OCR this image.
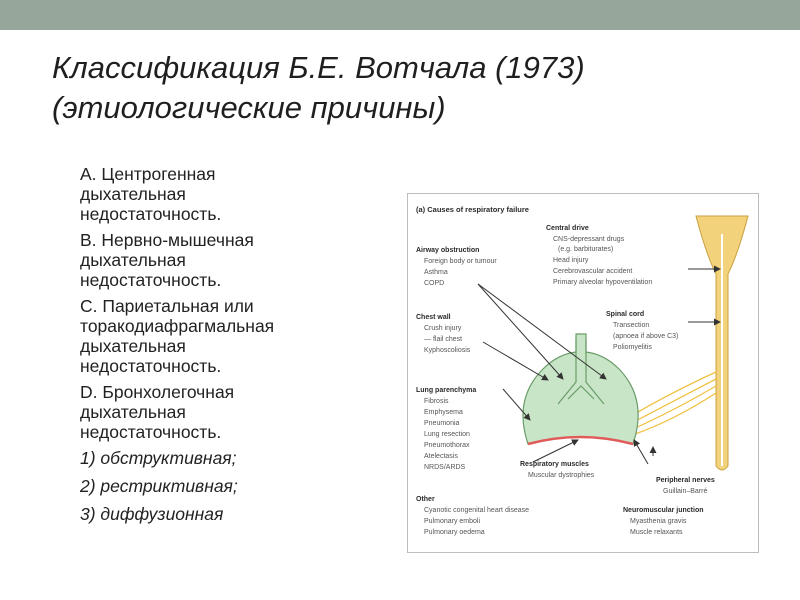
Классификация Б.Е. Вотчала (1973)
(этиологические причины)
A. Центрогенная
дыхательная
недостаточность.
B. Нервно-мышечная
дыхательная
недостаточность.
C. Париетальная или
торакодиафрагмальная
дыхательная
недостаточность.
D. Бронхолегочная
дыхательная
недостаточность.
1) обструктивная;
2) рестриктивная;
3) диффузионная
(a) Causes of respiratory failure
Central drive
CNS-depressant drugs
(e.g. barbiturates)
Head injury
Cerebrovascular accident
Primary alveolar hypoventilation
Airway obstruction
Foreign body or tumour
Asthma
COPD
Chest wall
Crush injury
— flail chest
Kyphoscoliosis
Spinal cord
Transection
(apnoea if above C3)
Poliomyelitis
Lung parenchyma
Fibrosis
Emphysema
Pneumonia
Lung resection
Pneumothorax
Atelectasis
NRDS/ARDS	Respiratory muscles
Muscular dystrophies
Peripheral nerves
Guillain–Barré
Other
Cyanotic congenital heart disease
Pulmonary emboli
Pulmonary oedema
Neuromuscular junction
Myasthenia gravis
Muscle relaxants
